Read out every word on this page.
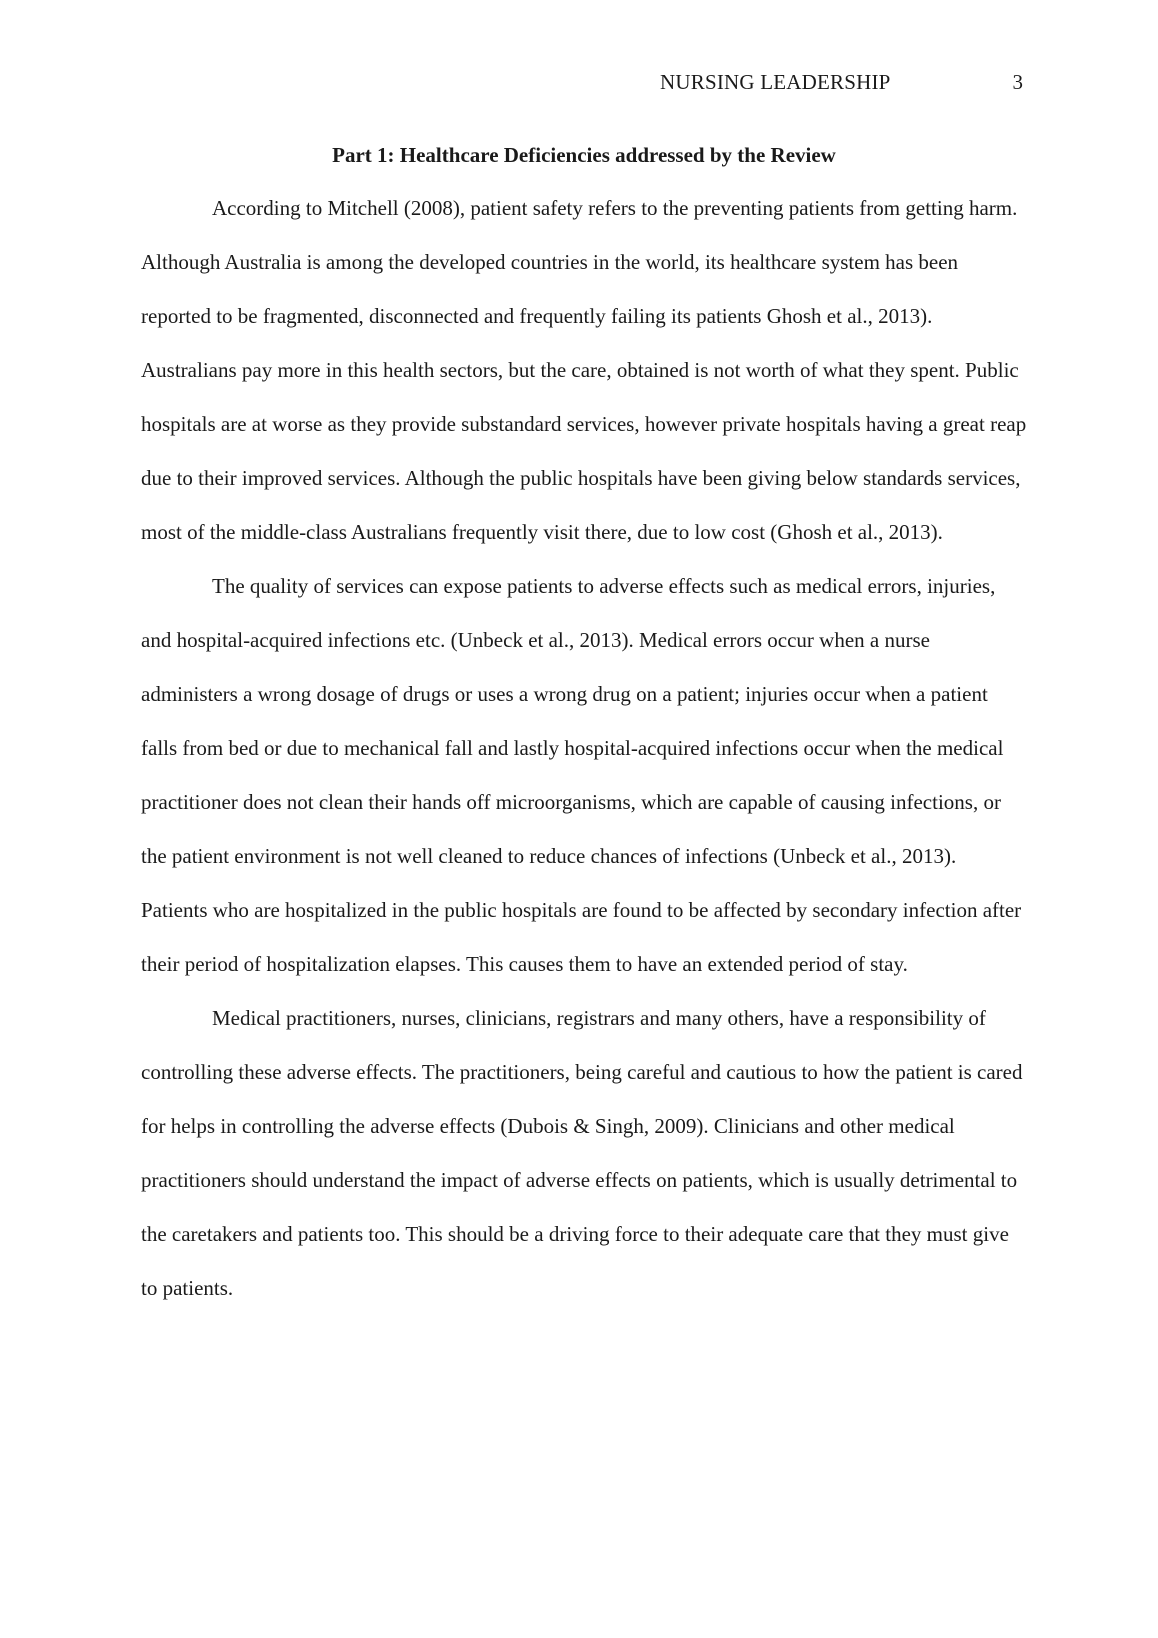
NURSING LEADERSHIP	3
Part 1: Healthcare Deficiencies addressed by the Review

According to Mitchell (2008), patient safety refers to the preventing patients from getting harm. Although Australia is among the developed countries in the world, its healthcare system has been reported to be fragmented, disconnected and frequently failing its patients Ghosh et al., 2013). Australians pay more in this health sectors, but the care, obtained is not worth of what they spent. Public hospitals are at worse as they provide substandard services, however private hospitals having a great reap due to their improved services. Although the public hospitals have been giving below standards services, most of the middle-class Australians frequently visit there, due to low cost (Ghosh et al., 2013).

The quality of services can expose patients to adverse effects such as medical errors, injuries, and hospital-acquired infections etc. (Unbeck et al., 2013). Medical errors occur when a nurse administers a wrong dosage of drugs or uses a wrong drug on a patient; injuries occur when a patient falls from bed or due to mechanical fall and lastly hospital-acquired infections occur when the medical practitioner does not clean their hands off microorganisms, which are capable of causing infections, or the patient environment is not well cleaned to reduce chances of infections (Unbeck et al., 2013). Patients who are hospitalized in the public hospitals are found to be affected by secondary infection after their period of hospitalization elapses. This causes them to have an extended period of stay.

Medical practitioners, nurses, clinicians, registrars and many others, have a responsibility of controlling these adverse effects. The practitioners, being careful and cautious to how the patient is cared for helps in controlling the adverse effects (Dubois & Singh, 2009). Clinicians and other medical practitioners should understand the impact of adverse effects on patients, which is usually detrimental to the caretakers and patients too. This should be a driving force to their adequate care that they must give to patients.
